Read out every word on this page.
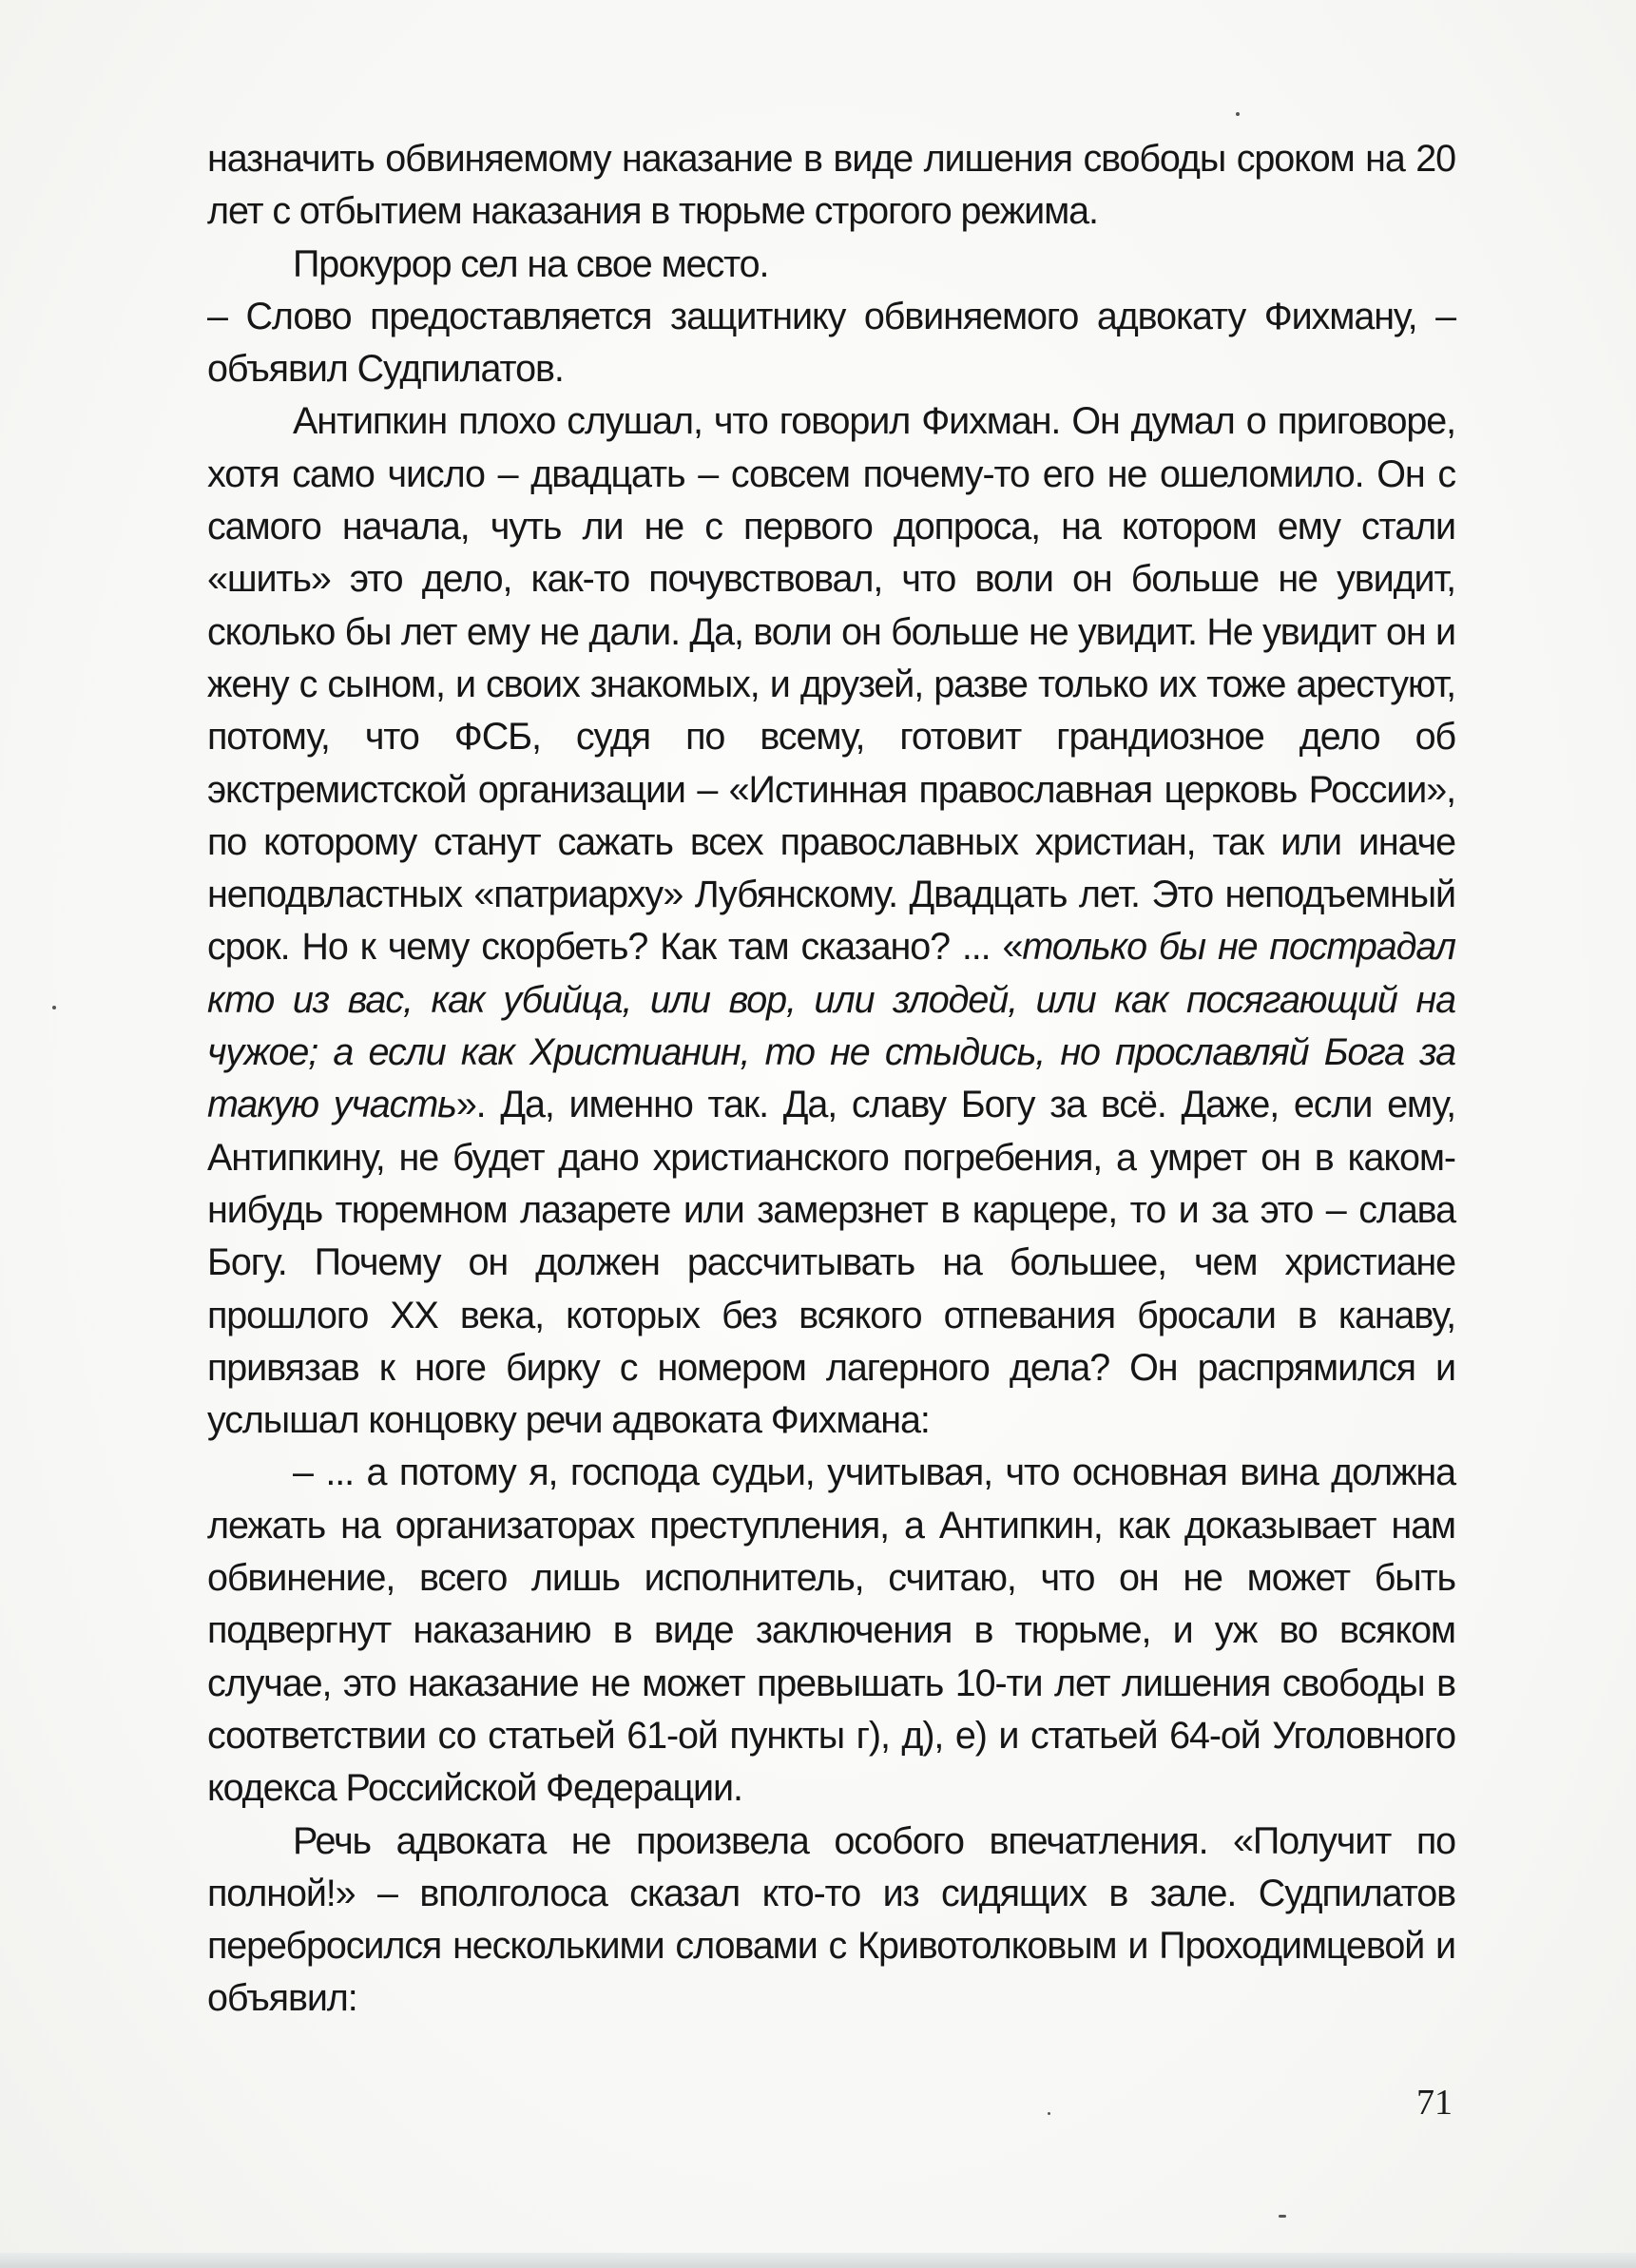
назначить обвиняемому наказание в виде лишения свободы сроком на 20 лет с отбытием наказания в тюрьме строгого режима.

Прокурор сел на свое место.

– Слово предоставляется защитнику обвиняемого адвокату Фихману, – объявил Судпилатов.

Антипкин плохо слушал, что говорил Фихман. Он думал о приговоре, хотя само число – двадцать – совсем почему-то его не ошеломило. Он с самого начала, чуть ли не с первого допроса, на котором ему стали «шить» это дело, как-то почувствовал, что воли он больше не увидит, сколько бы лет ему не дали. Да, воли он больше не увидит. Не увидит он и жену с сыном, и своих знакомых, и друзей, разве только их тоже арестуют, потому, что ФСБ, судя по всему, готовит грандиозное дело об экстремистской организации – «Истинная православная церковь России», по которому станут сажать всех православных христиан, так или иначе неподвластных «патриарху» Лубянскому. Двадцать лет. Это неподъемный срок. Но к чему скорбеть? Как там сказано? ... «только бы не пострадал кто из вас, как убийца, или вор, или злодей, или как посягающий на чужое; а если как Христианин, то не стыдись, но прославляй Бога за такую участь». Да, именно так. Да, славу Богу за всё. Даже, если ему, Антипкину, не будет дано христианского погребения, а умрет он в каком-нибудь тюремном лазарете или замерзнет в карцере, то и за это – слава Богу. Почему он должен рассчитывать на большее, чем христиане прошлого XX века, которых без всякого отпевания бросали в канаву, привязав к ноге бирку с номером лагерного дела? Он распрямился и услышал концовку речи адвоката Фихмана:

– ... а потому я, господа судьи, учитывая, что основная вина должна лежать на организаторах преступления, а Антипкин, как доказывает нам обвинение, всего лишь исполнитель, считаю, что он не может быть подвергнут наказанию в виде заключения в тюрьме, и уж во всяком случае, это наказание не может превышать 10-ти лет лишения свободы в соответствии со статьей 61-ой пункты г), д), е) и статьей 64-ой Уголовного кодекса Российской Федерации.

Речь адвоката не произвела особого впечатления. «Получит по полной!» – вполголоса сказал кто-то из сидящих в зале. Судпилатов перебросился несколькими словами с Кривотолковым и Проходимцевой и объявил:

71
